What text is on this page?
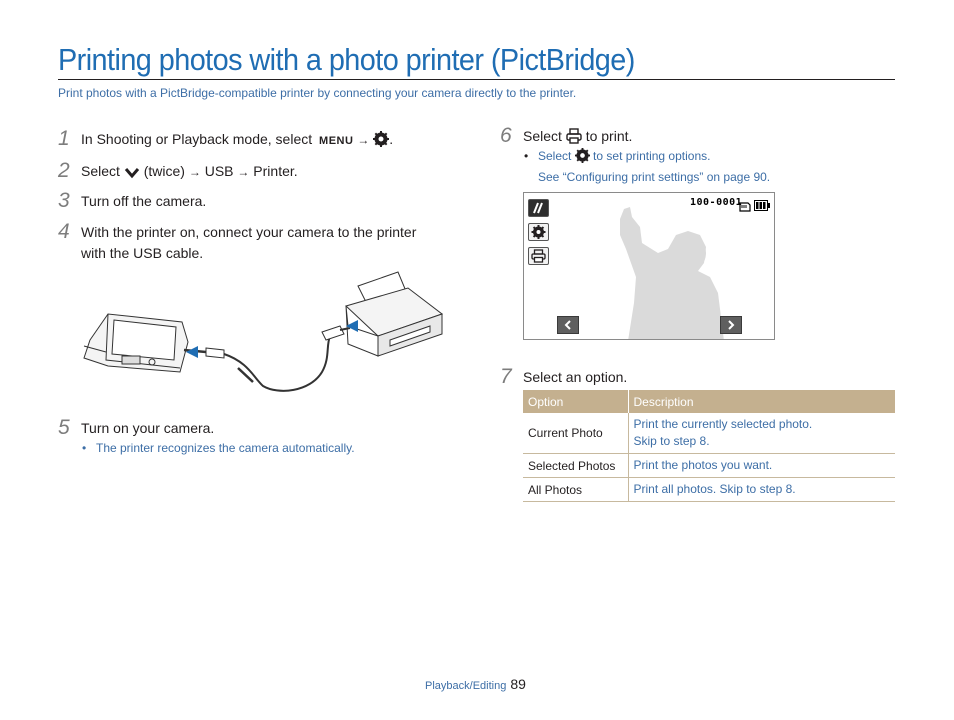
Printing photos with a photo printer (PictBridge)
Print photos with a PictBridge-compatible printer by connecting your camera directly to the printer.
1 In Shooting or Playback mode, select MENU → .
2 Select (twice) → USB → Printer.
3 Turn off the camera.
4 With the printer on, connect your camera to the printer
with the USB cable.
5 Turn on your camera.
• The printer recognizes the camera automatically.
6 Select to print.
• Select to set printing options.
See “Configuring print settings” on page 90.
100-0001
7 Select an option.
Option	Description
Current Photo	Print the currently selected photo.
Skip to step 8.
Selected Photos	Print the photos you want.
All Photos	Print all photos. Skip to step 8.
Playback/Editing 89
